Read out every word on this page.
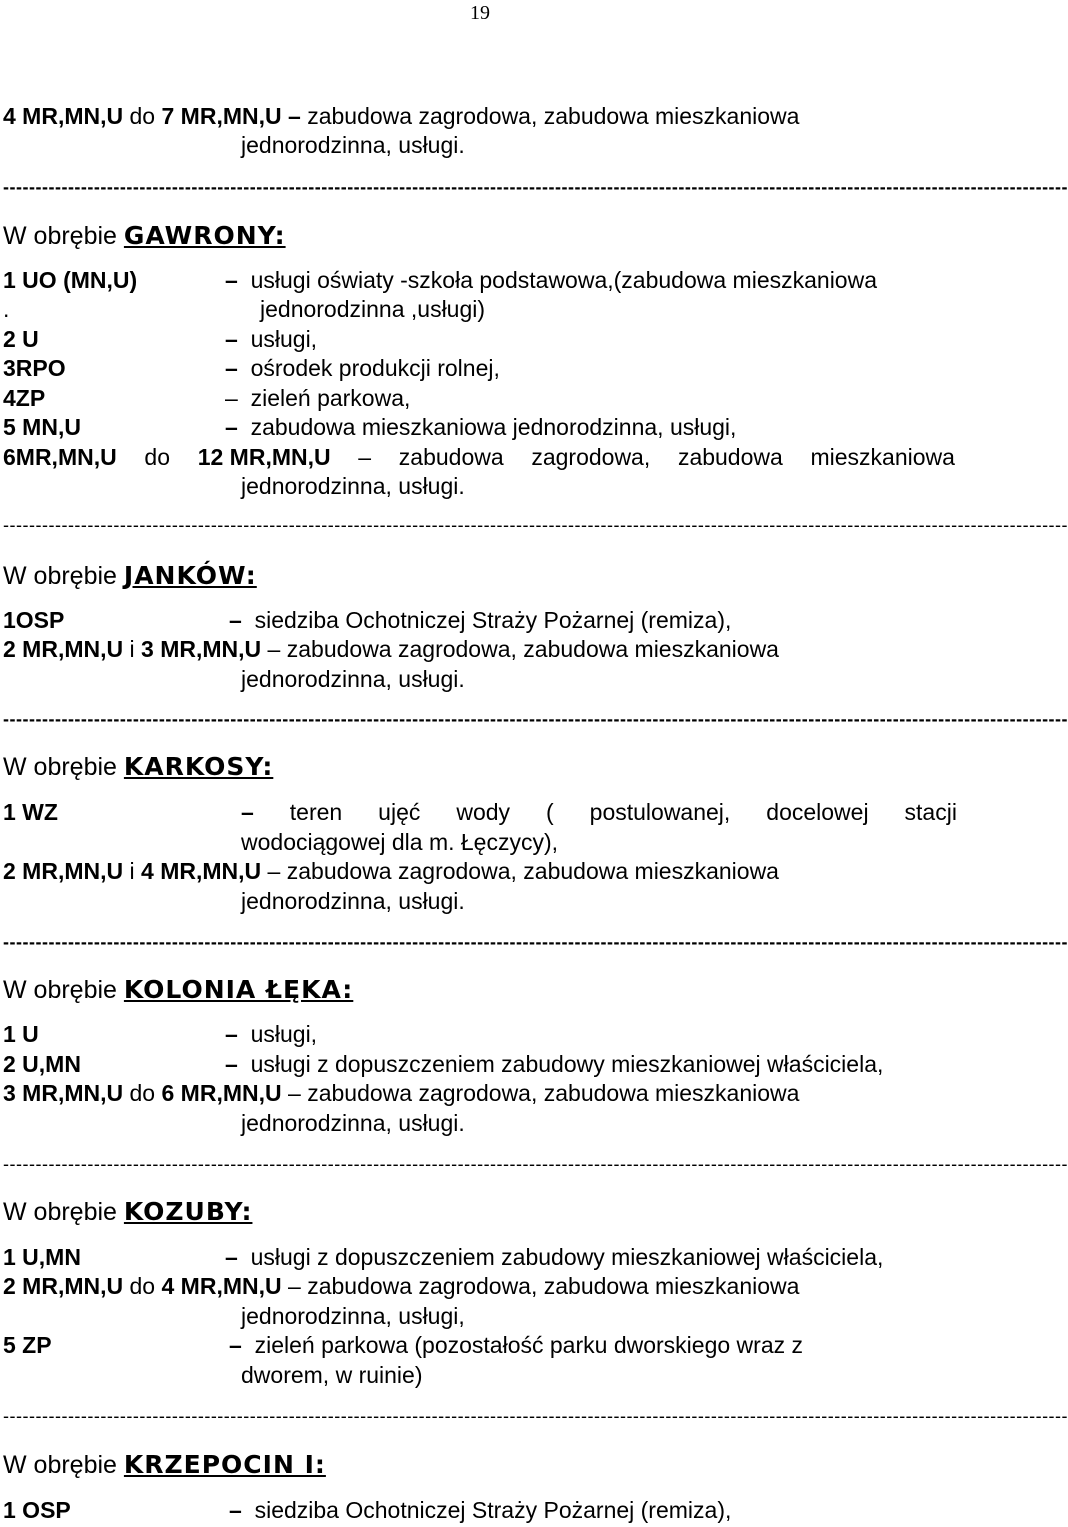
19
4 MR,MN,U do 7 MR,MN,U – zabudowa zagrodowa, zabudowa mieszkaniowa
jednorodzinna, usługi.
--------------------------------------------------------------------------------------------------------------------------------------------------------------------
W obrębie GAWRONY:
1 UO (MN,U)	– usługi oświaty -szkoła podstawowa,(zabudowa mieszkaniowa
.	jednorodzinna ,usługi)
2 U	– usługi,
3RPO	– ośrodek produkcji rolnej,
4ZP	– zieleń parkowa,
5 MN,U	– zabudowa mieszkaniowa jednorodzinna, usługi,
6MR,MN,U do 12 MR,MN,U – zabudowa zagrodowa, zabudowa mieszkaniowa
jednorodzinna, usługi.
--------------------------------------------------------------------------------------------------------------------------------------------------------------------
W obrębie JANKÓW:
1OSP	– siedziba Ochotniczej Straży Pożarnej (remiza),
2 MR,MN,U i 3 MR,MN,U – zabudowa zagrodowa, zabudowa mieszkaniowa
jednorodzinna, usługi.
--------------------------------------------------------------------------------------------------------------------------------------------------------------------
W obrębie KARKOSY:
1 WZ	– teren ujęć wody ( postulowanej, docelowej stacji
wodociągowej dla m. Łęczycy),
2 MR,MN,U i 4 MR,MN,U – zabudowa zagrodowa, zabudowa mieszkaniowa
jednorodzinna, usługi.
--------------------------------------------------------------------------------------------------------------------------------------------------------------------
W obrębie KOLONIA ŁĘKA:
1 U	– usługi,
2 U,MN	– usługi z dopuszczeniem zabudowy mieszkaniowej właściciela,
3 MR,MN,U do 6 MR,MN,U – zabudowa zagrodowa, zabudowa mieszkaniowa
jednorodzinna, usługi.
--------------------------------------------------------------------------------------------------------------------------------------------------------------------
W obrębie KOZUBY:
1 U,MN	– usługi z dopuszczeniem zabudowy mieszkaniowej właściciela,
2 MR,MN,U do 4 MR,MN,U – zabudowa zagrodowa, zabudowa mieszkaniowa
jednorodzinna, usługi,
5 ZP	– zieleń parkowa (pozostałość parku dworskiego wraz z
dworem, w ruinie)
--------------------------------------------------------------------------------------------------------------------------------------------------------------------
W obrębie KRZEPOCIN I:
1 OSP	– siedziba Ochotniczej Straży Pożarnej (remiza),
